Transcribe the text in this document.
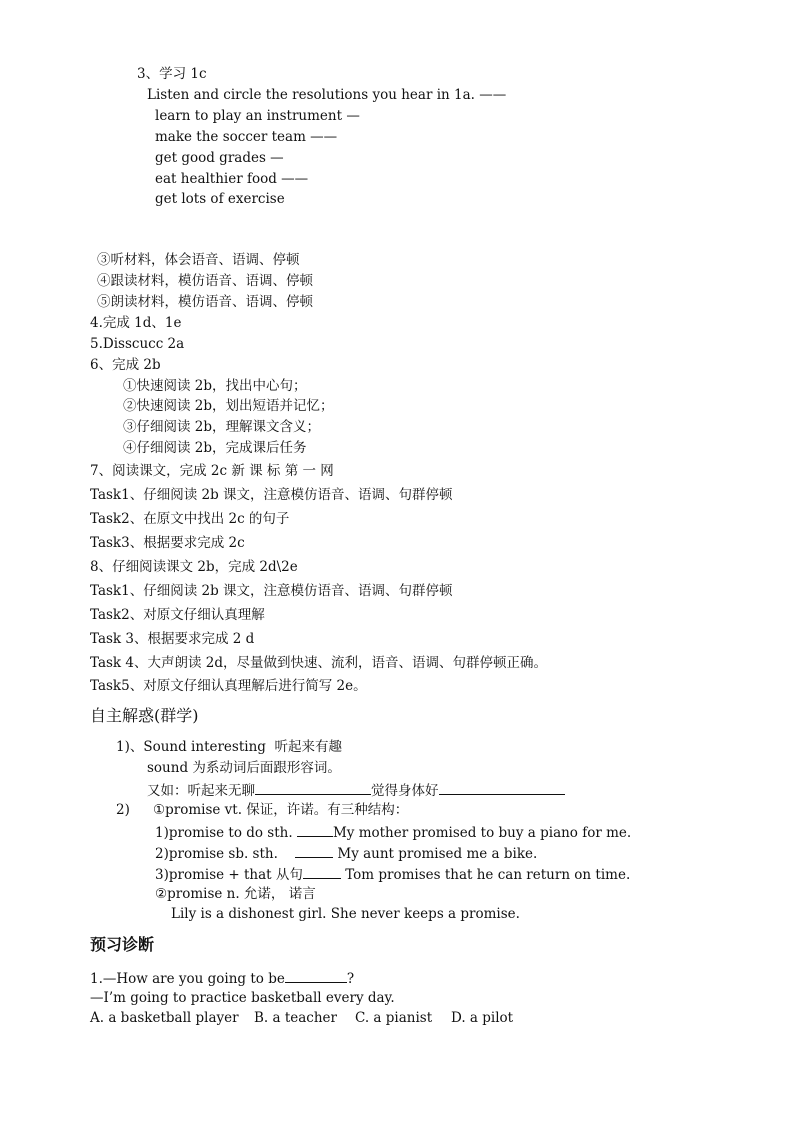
3、学习 1c
Listen and circle the resolutions you hear in 1a. ——
learn to play an instrument —
make the soccer team ——
get good grades —
eat healthier food ——
get lots of exercise
③听材料，体会语音、语调、停顿
④跟读材料，模仿语音、语调、停顿
⑤朗读材料，模仿语音、语调、停顿
4.完成 1d、1e
5.Disscucc 2a
6、完成 2b
①快速阅读 2b，找出中心句；
②快速阅读 2b，划出短语并记忆；
③仔细阅读 2b，理解课文含义；
④仔细阅读 2b，完成课后任务
7、阅读课文，完成 2c 新 课 标 第 一 网
Task1、仔细阅读 2b 课文，注意模仿语音、语调、句群停顿
Task2、在原文中找出 2c 的句子
Task3、根据要求完成 2c
8、仔细阅读课文 2b，完成 2d\2e
Task1、仔细阅读 2b 课文，注意模仿语音、语调、句群停顿
Task2、对原文仔细认真理解
Task 3、根据要求完成 2 d
Task 4、大声朗读 2d，尽量做到快速、流利，语音、语调、句群停顿正确。
Task5、对原文仔细认真理解后进行简写 2e。
自主解惑(群学)
1)、Sound interesting  听起来有趣
sound 为系动词后面跟形容词。
又如：听起来无聊	觉得身体好
2) ①promise vt. 保证，许诺。有三种结构：
1)promise to do sth.	My mother promised to buy a piano for me.
2)promise sb. sth.	My aunt promised me a bike.
3)promise + that 从句	Tom promises that he can return on time.
②promise n. 允诺， 诺言
Lily is a dishonest girl. She never keeps a promise.
预习诊断
1.—How are you going to be	?
—I’m going to practice basketball every day.
A. a basketball player B. a teacher C. a pianist D. a pilot
